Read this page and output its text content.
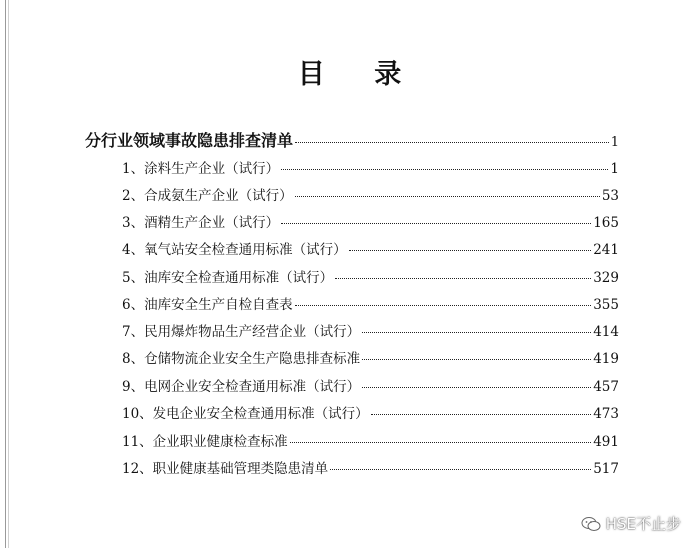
目 录
分行业领域事故隐患排查清单	1
1、涂料生产企业（试行）	1
2、合成氨生产企业（试行）	53
3、酒精生产企业（试行）	165
4、氧气站安全检查通用标准（试行）	241
5、油库安全检查通用标准（试行）	329
6、油库安全生产自检自查表	355
7、民用爆炸物品生产经营企业（试行）	414
8、仓储物流企业安全生产隐患排查标准	419
9、电网企业安全检查通用标准（试行）	457
10、发电企业安全检查通用标准（试行）	473
11、企业职业健康检查标准	491
12、职业健康基础管理类隐患清单	517
HSE不止步
